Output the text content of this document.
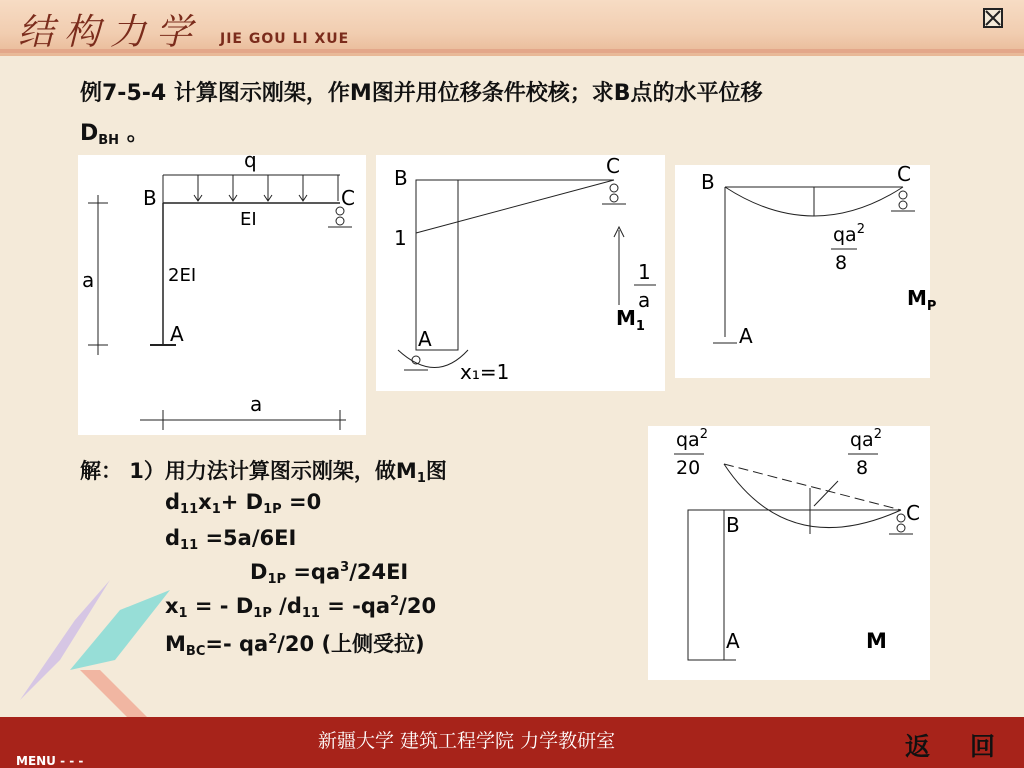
结构力学 JIE GOU LI XUE
例7-5-4 计算图示刚架，作M图并用位移条件校核；求B点的水平位移
$D_{BH}$ 。
q
B	C
EI
2EI
a
a
A
B	C
1
A
x₁=1
1
a
$M_1$
B	C
A
$qa^2$
8
$M_P$
$qa^2$
20
$qa^2$
8
B	C
A	M
解： 1）用力法计算图示刚架，做$M_1$图
$d_{11}x_1+ D_{1P} =0$
$d_{11} =5a/6EI$
$D_{1P} =qa^3/24EI$
$x_1$ = - $D_{1P}$ $/d_{11} = -qa^2/20$
$M_{BC}=-$ $qa^2/20$ (上侧受拉)
新疆大学 建筑工程学院 力学教研室	返 回
MENU - - -
